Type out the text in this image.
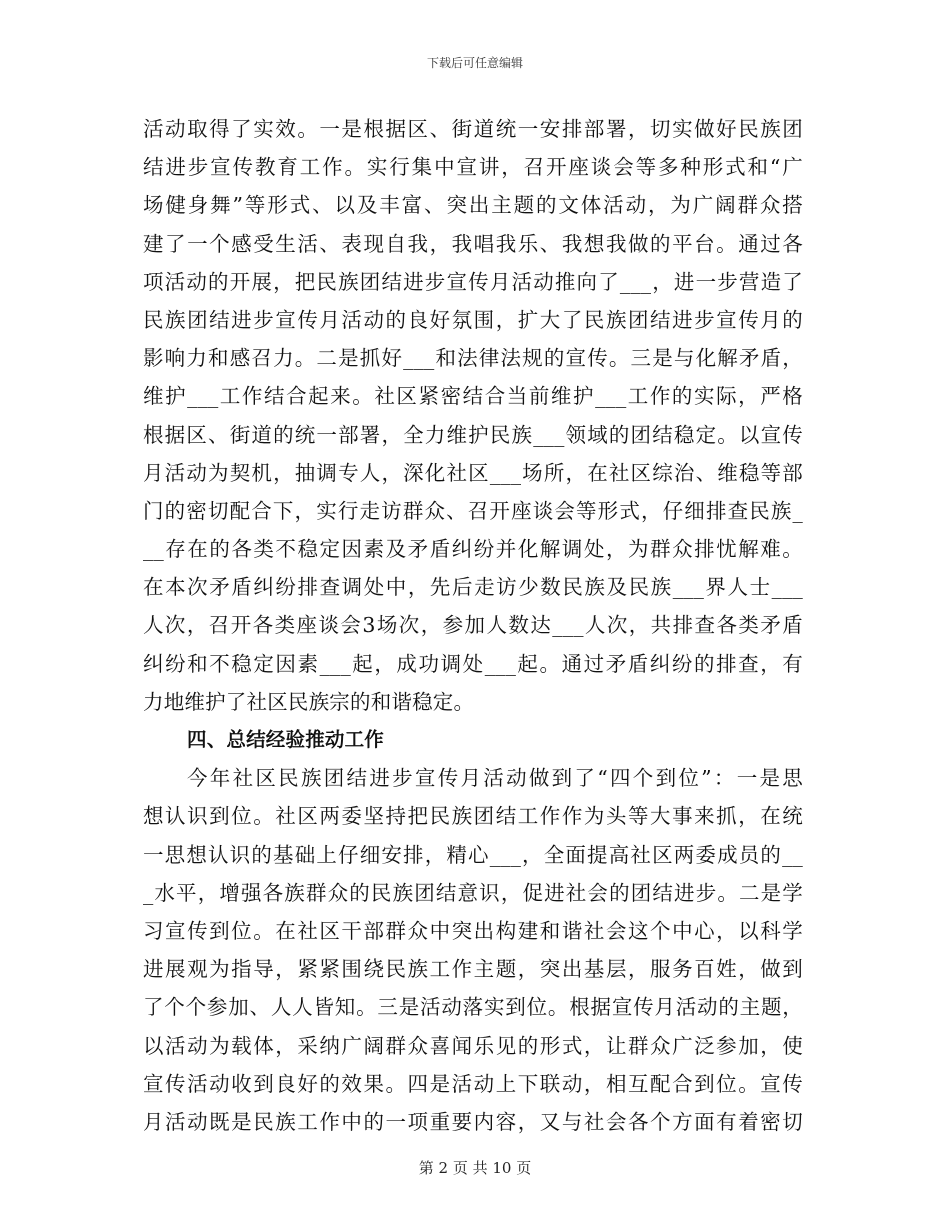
下载后可任意编辑
活动取得了实效。一是根据区、街道统一安排部署，切实做好民族团
结进步宣传教育工作。实行集中宣讲，召开座谈会等多种形式和“广
场健身舞”等形式、以及丰富、突出主题的文体活动，为广阔群众搭
建了一个感受生活、表现自我，我唱我乐、我想我做的平台。通过各
项活动的开展，把民族团结进步宣传月活动推向了___，进一步营造了
民族团结进步宣传月活动的良好氛围，扩大了民族团结进步宣传月的
影响力和感召力。二是抓好___和法律法规的宣传。三是与化解矛盾，
维护___工作结合起来。社区紧密结合当前维护___工作的实际，严格
根据区、街道的统一部署，全力维护民族___领域的团结稳定。以宣传
月活动为契机，抽调专人，深化社区___场所，在社区综治、维稳等部
门的密切配合下，实行走访群众、召开座谈会等形式，仔细排查民族_
__存在的各类不稳定因素及矛盾纠纷并化解调处，为群众排忧解难。
在本次矛盾纠纷排查调处中，先后走访少数民族及民族___界人士___
人次，召开各类座谈会3场次，参加人数达___人次，共排查各类矛盾
纠纷和不稳定因素___起，成功调处___起。通过矛盾纠纷的排查，有
力地维护了社区民族宗的和谐稳定。
四、总结经验推动工作
今年社区民族团结进步宣传月活动做到了“四个到位”：一是思
想认识到位。社区两委坚持把民族团结工作作为头等大事来抓，在统
一思想认识的基础上仔细安排，精心___，全面提高社区两委成员的__
_水平，增强各族群众的民族团结意识，促进社会的团结进步。二是学
习宣传到位。在社区干部群众中突出构建和谐社会这个中心，以科学
进展观为指导，紧紧围绕民族工作主题，突出基层，服务百姓，做到
了个个参加、人人皆知。三是活动落实到位。根据宣传月活动的主题，
以活动为载体，采纳广阔群众喜闻乐见的形式，让群众广泛参加，使
宣传活动收到良好的效果。四是活动上下联动，相互配合到位。宣传
月活动既是民族工作中的一项重要内容，又与社会各个方面有着密切
第 2 页 共 10 页
